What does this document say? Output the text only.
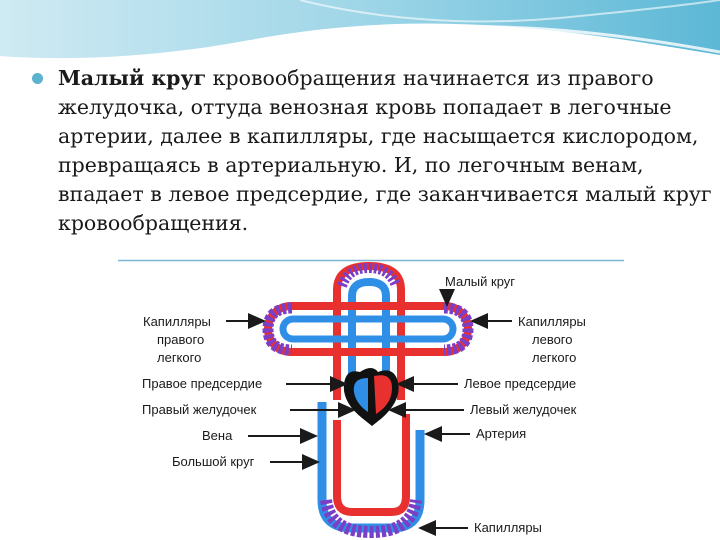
Малый круг кровообращения начинается из правого желудочка, оттуда венозная кровь попадает в легочные артерии, далее в капилляры, где насыщается кислородом, превращаясь в артериальную. И, по легочным венам, впадает в левое предсердие, где заканчивается малый круг кровообращения.
Малый круг
Капилляры
правого
легкого
Капилляры
левого
легкого
Правое предсердие	Левое предсердие
Правый желудочек	Левый желудочек
Вена	Артерия
Большой круг
Капилляры
